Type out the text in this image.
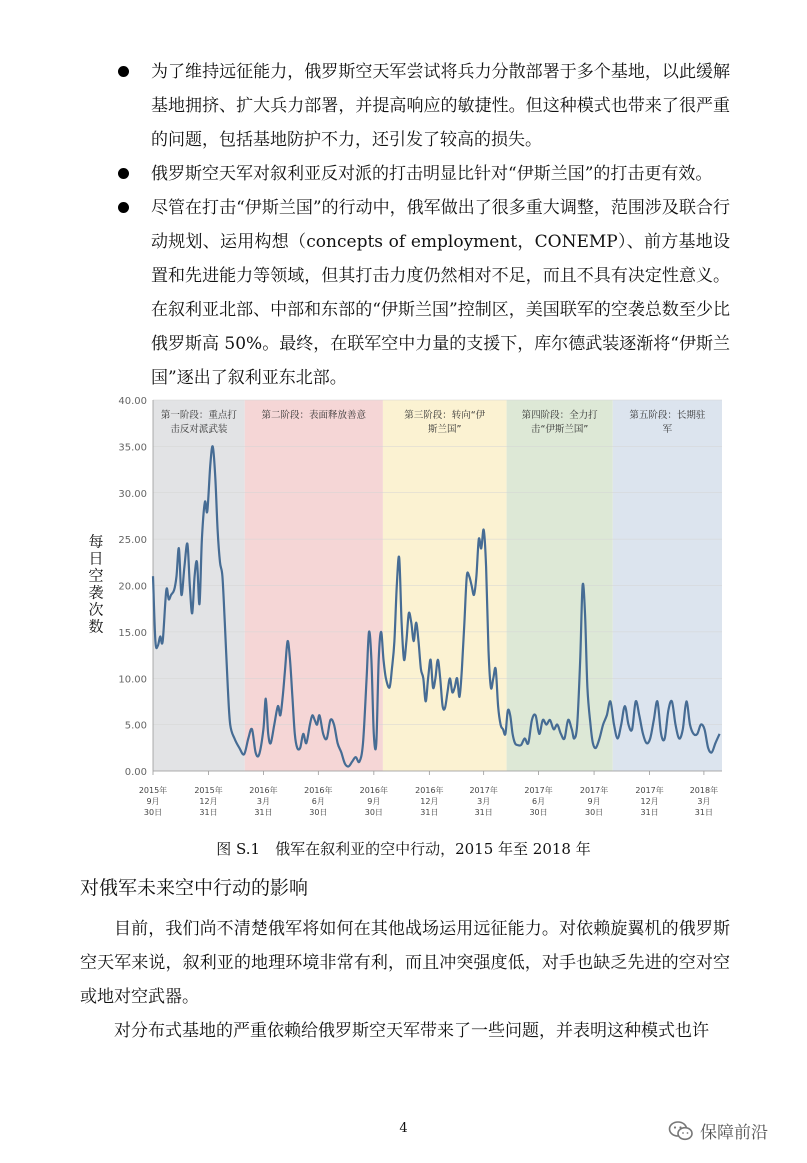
为了维持远征能力，俄罗斯空天军尝试将兵力分散部署于多个基地，以此缓解基地拥挤、扩大兵力部署，并提高响应的敏捷性。但这种模式也带来了很严重的问题，包括基地防护不力，还引发了较高的损失。
俄罗斯空天军对叙利亚反对派的打击明显比针对“伊斯兰国”的打击更有效。
尽管在打击“伊斯兰国”的行动中，俄军做出了很多重大调整，范围涉及联合行动规划、运用构想（concepts of employment，CONEMP）、前方基地设置和先进能力等领域，但其打击力度仍然相对不足，而且不具有决定性意义。在叙利亚北部、中部和东部的“伊斯兰国”控制区，美国联军的空袭总数至少比俄罗斯高 50%。最终，在联军空中力量的支援下，库尔德武装逐渐将“伊斯兰国”逐出了叙利亚东北部。
第一阶段：重点打
击反对派武装
第二阶段：表面释放善意	第三阶段：转向“伊
斯兰国”
第四阶段：全力打
击“伊斯兰国”
第五阶段：长期驻
军
0.00
5.00
10.00
15.00
20.00
25.00
30.00
35.00
40.00
2015年
9月
30日
2015年
12月
31日
2016年
3月
31日
2016年
6月
30日
2016年
9月
30日
2016年
12月
31日
2017年
3月
31日
2017年
6月
30日
2017年
9月
30日
2017年
12月
31日
2018年
3月
31日
每
日
空
袭
次
数
图 S.1　俄军在叙利亚的空中行动，2015 年至 2018 年
对俄军未来空中行动的影响

目前，我们尚不清楚俄军将如何在其他战场运用远征能力。对依赖旋翼机的俄罗斯空天军来说，叙利亚的地理环境非常有利，而且冲突强度低，对手也缺乏先进的空对空或地对空武器。

对分布式基地的严重依赖给俄罗斯空天军带来了一些问题，并表明这种模式也许

4	保障前沿
